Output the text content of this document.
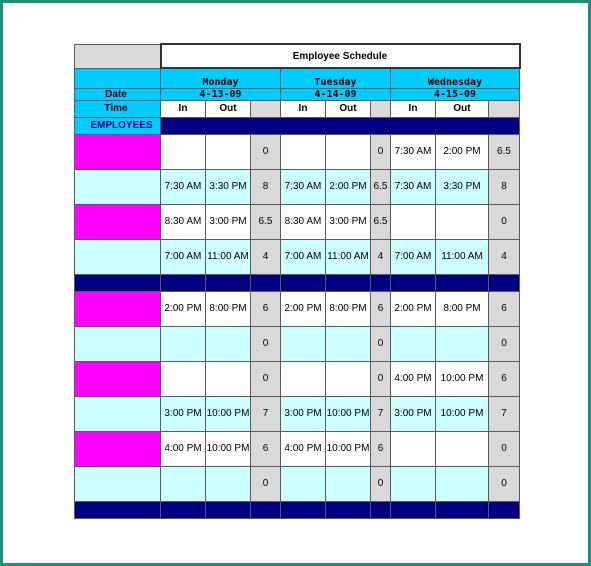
	Employee Schedule								
	Monday			Tuesday			Wednesday		
Date	4-13-09			4-14-09			4-15-09		
Time	In	Out		In	Out		In	Out	
EMPLOYEES									
			0			0	7:30 AM	2:00 PM	6.5
	7:30 AM	3:30 PM	8	7:30 AM	2:00 PM	6.5	7:30 AM	3:30 PM	8
	8:30 AM	3:00 PM	6.5	8:30 AM	3:00 PM	6.5			0
	7:00 AM	11:00 AM	4	7:00 AM	11:00 AM	4	7:00 AM	11:00 AM	4

	2:00 PM	8:00 PM	6	2:00 PM	8:00 PM	6	2:00 PM	8:00 PM	6
			0			0			0
			0			0	4:00 PM	10:00 PM	6
	3:00 PM	10:00 PM	7	3:00 PM	10:00 PM	7	3:00 PM	10:00 PM	7
	4:00 PM	10:00 PM	6	4:00 PM	10:00 PM	6			0
			0			0			0
